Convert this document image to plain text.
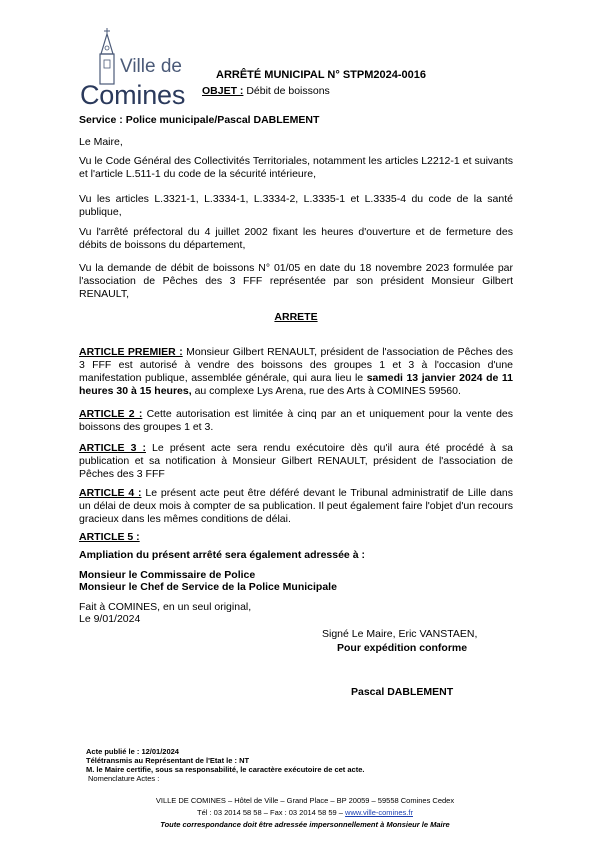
Ville de
Comines
ARRÊTÉ MUNICIPAL N° STPM2024-0016
OBJET : Débit de boissons
Service : Police municipale/Pascal DABLEMENT
Le Maire,
Vu le Code Général des Collectivités Territoriales, notamment les articles L2212-1 et suivants et l'article L.511-1 du code de la sécurité intérieure,
Vu les articles L.3321-1, L.3334-1, L.3334-2, L.3335-1 et L.3335-4 du code de la santé publique,
Vu l'arrêté préfectoral du 4 juillet 2002 fixant les heures d'ouverture et de fermeture des débits de boissons du département,
Vu la demande de débit de boissons N° 01/05 en date du 18 novembre 2023 formulée par l'association de Pêches des 3 FFF représentée par son président Monsieur Gilbert RENAULT,
ARRETE
ARTICLE PREMIER : Monsieur Gilbert RENAULT, président de l'association de Pêches des 3 FFF est autorisé à vendre des boissons des groupes 1 et 3 à l'occasion d'une manifestation publique, assemblée générale, qui aura lieu le samedi 13 janvier 2024 de 11 heures 30 à 15 heures, au complexe Lys Arena, rue des Arts à COMINES 59560.
ARTICLE 2 : Cette autorisation est limitée à cinq par an et uniquement pour la vente des boissons des groupes 1 et 3.
ARTICLE 3 : Le présent acte sera rendu exécutoire dès qu'il aura été procédé à sa publication et sa notification à Monsieur Gilbert RENAULT, président de l'association de Pêches des 3 FFF
ARTICLE 4 : Le présent acte peut être déféré devant le Tribunal administratif de Lille dans un délai de deux mois à compter de sa publication. Il peut également faire l'objet d'un recours gracieux dans les mêmes conditions de délai.
ARTICLE 5 :
Ampliation du présent arrêté sera également adressée à :
Monsieur le Commissaire de Police
Monsieur le Chef de Service de la Police Municipale
Fait à COMINES, en un seul original,
Le 9/01/2024
Signé Le Maire, Eric VANSTAEN,
Pour expédition conforme
Pascal DABLEMENT
Acte publié le : 12/01/2024
Télétransmis au Représentant de l'Etat le : NT
M. le Maire certifie, sous sa responsabilité, le caractère exécutoire de cet acte.
Nomenclature Actes :
VILLE DE COMINES – Hôtel de Ville – Grand Place – BP 20059 – 59558 Comines Cedex
Tél : 03 2014 58 58 – Fax : 03 2014 58 59 – www.ville-comines.fr
Toute correspondance doit être adressée impersonnellement à Monsieur le Maire
